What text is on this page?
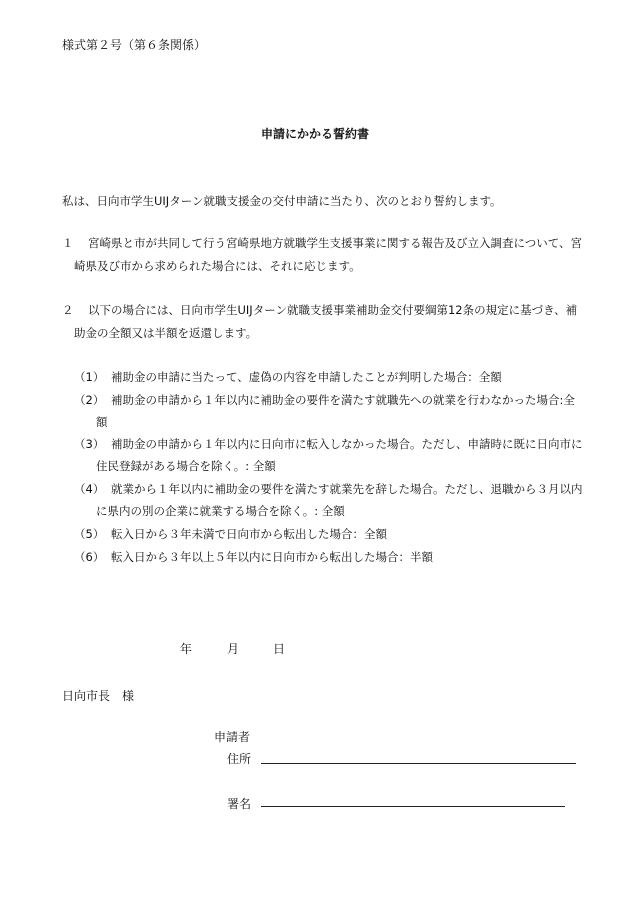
様式第２号（第６条関係）
申請にかかる誓約書
私は、日向市学生UIJターン就職支援金の交付申請に当たり、次のとおり誓約します。
１ 宮崎県と市が共同して行う宮崎県地方就職学生支援事業に関する報告及び立入調査について、宮
崎県及び市から求められた場合には、それに応じます。
２ 以下の場合には、日向市学生UIJターン就職支援事業補助金交付要綱第12条の規定に基づき、補
助金の全額又は半額を返還します。
（1） 補助金の申請に当たって、虚偽の内容を申請したことが判明した場合：全額
（2） 補助金の申請から１年以内に補助金の要件を満たす就職先への就業を行わなかった場合:全
額
（3） 補助金の申請から１年以内に日向市に転入しなかった場合。ただし、申請時に既に日向市に
住民登録がある場合を除く。: 全額
（4） 就業から１年以内に補助金の要件を満たす就業先を辞した場合。ただし、退職から３月以内
に県内の別の企業に就業する場合を除く。: 全額
（5） 転入日から３年未満で日向市から転出した場合：全額
（6） 転入日から３年以上５年以内に日向市から転出した場合：半額
年	月	日
日向市長　様
申請者
住所
署名
